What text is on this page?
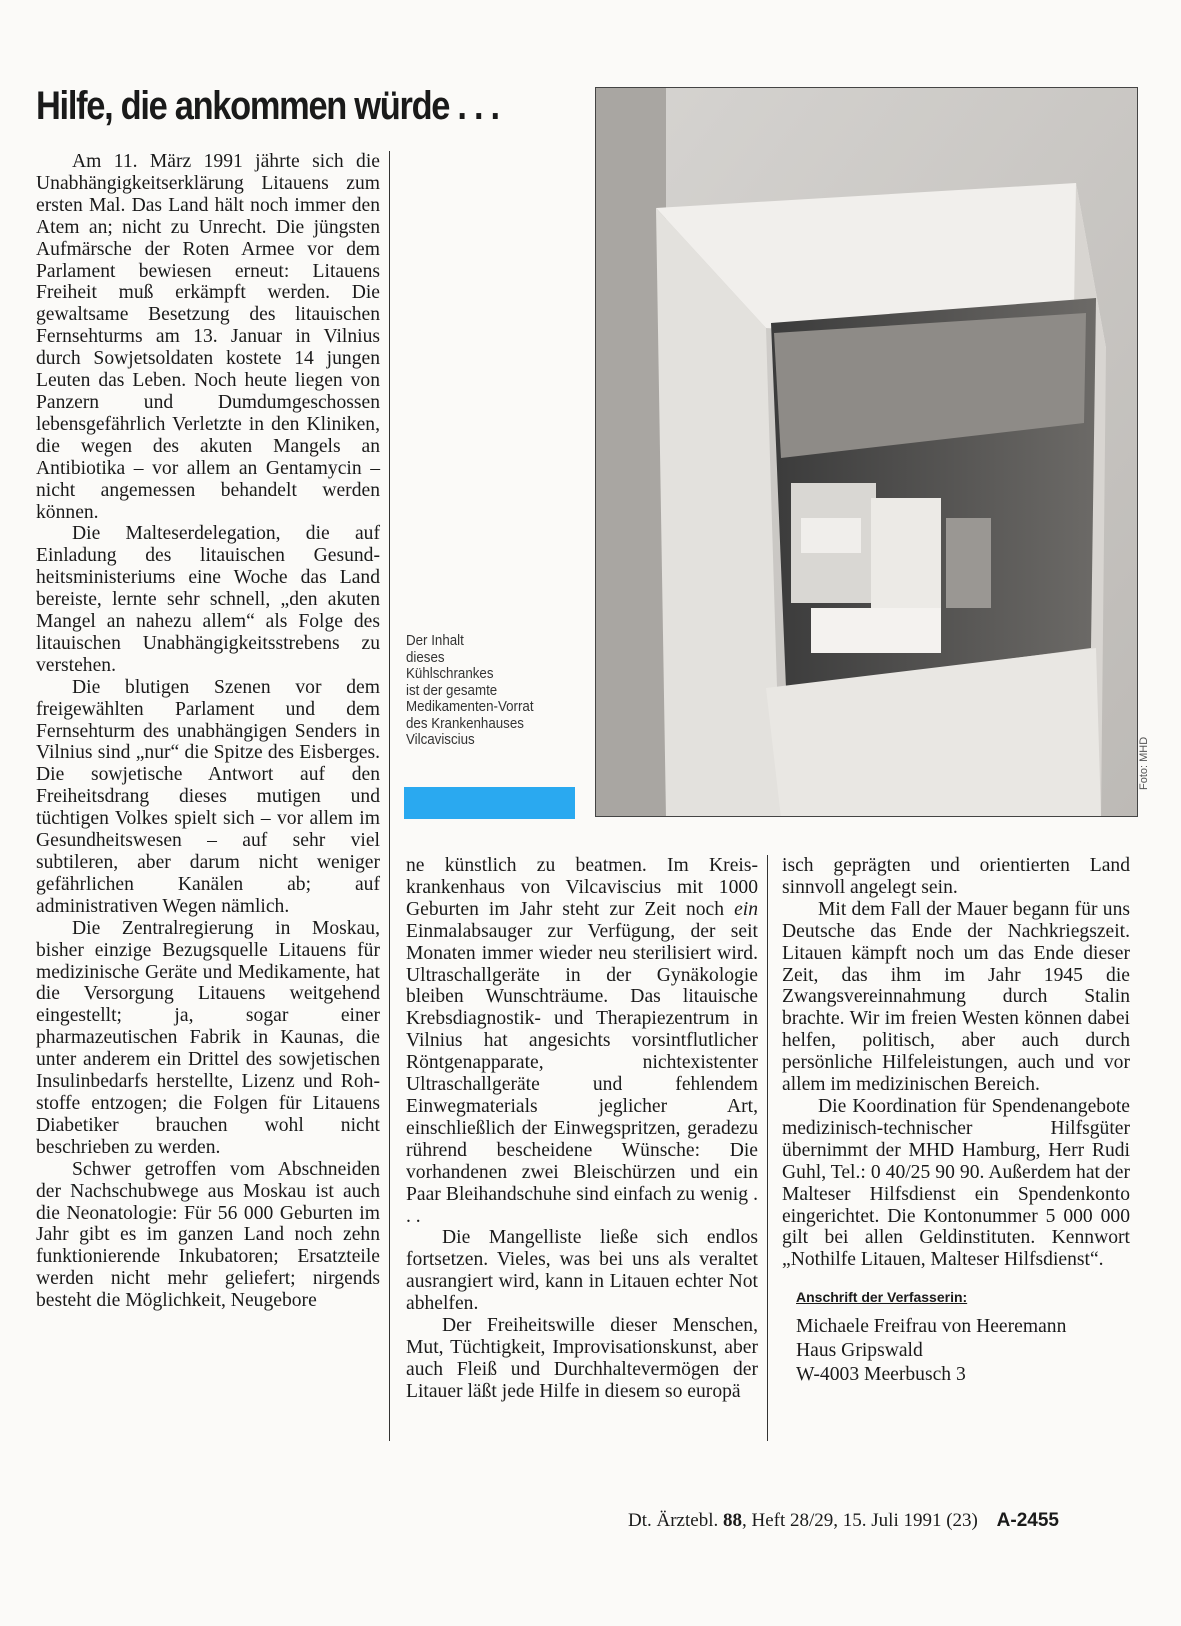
Hilfe, die ankommen würde . . .

Am 11. März 1991 jährte sich die Unabhängigkeitserklärung Litauens zum ersten Mal. Das Land hält noch immer den Atem an; nicht zu Unrecht. Die jüngsten Aufmärsche der Roten Armee vor dem Parlament bewiesen erneut: Litauens Freiheit muß erkämpft werden. Die gewaltsame Besetzung des litauischen Fernsehturms am 13. Januar in Vilnius durch Sowjetsoldaten kostete 14 jungen Leuten das Leben. Noch heute liegen von Panzern und Dumdumgeschossen lebensgefährlich Verletzte in den Kliniken, die wegen des akuten Mangels an Antibiotika – vor allem an Gentamycin – nicht angemessen behandelt werden können.

Die Malteserdelegation, die auf Einladung des litauischen Gesundheitsministeriums eine Woche das Land bereiste, lernte sehr schnell, „den akuten Mangel an nahezu allem“ als Folge des litauischen Unabhängigkeitsstrebens zu verstehen.

Die blutigen Szenen vor dem freigewählten Parlament und dem Fernsehturm des unabhängigen Senders in Vilnius sind „nur“ die Spitze des Eisberges. Die sowjetische Antwort auf den Freiheitsdrang dieses mutigen und tüchtigen Volkes spielt sich – vor allem im Gesundheitswesen – auf sehr viel subtileren, aber darum nicht weniger gefährlichen Kanälen ab; auf administrativen Wegen nämlich.

Die Zentralregierung in Moskau, bisher einzige Bezugsquelle Litauens für medizinische Geräte und Medikamente, hat die Versorgung Litauens weitgehend eingestellt; ja, sogar einer pharmazeutischen Fabrik in Kaunas, die unter anderem ein Drittel des sowjetischen Insulinbedarfs herstellte, Lizenz und Rohstoffe entzogen; die Folgen für Litauens Diabetiker brauchen wohl nicht beschrieben zu werden.

Schwer getroffen vom Abschneiden der Nachschubwege aus Moskau ist auch die Neonatologie: Für 56 000 Geburten im Jahr gibt es im ganzen Land noch zehn funktionierende Inkubatoren; Ersatzteile werden nicht mehr geliefert; nirgends besteht die Möglichkeit, Neugebore

Foto: MHD
Der Inhalt
dieses
Kühlschrankes
ist der gesamte
Medikamenten-Vorrat
des Krankenhauses
Vilcaviscius

ne künstlich zu beatmen. Im Kreiskrankenhaus von Vilcaviscius mit 1000 Geburten im Jahr steht zur Zeit noch ein Einmalabsauger zur Verfügung, der seit Monaten immer wieder neu sterilisiert wird. Ultraschallgeräte in der Gynäkologie bleiben Wunschträume. Das litauische Krebsdiagnostik- und Therapiezentrum in Vilnius hat angesichts vorsintflutlicher Röntgenapparate, nichtexistenter Ultraschallgeräte und fehlendem Einwegmaterials jeglicher Art, einschließlich der Einwegspritzen, geradezu rührend bescheidene Wünsche: Die vorhandenen zwei Bleischürzen und ein Paar Bleihandschuhe sind einfach zu wenig . . .

Die Mangelliste ließe sich endlos fortsetzen. Vieles, was bei uns als veraltet ausrangiert wird, kann in Litauen echter Not abhelfen.

Der Freiheitswille dieser Menschen, Mut, Tüchtigkeit, Improvisationskunst, aber auch Fleiß und Durchhaltevermögen der Litauer läßt jede Hilfe in diesem so europä

isch geprägten und orientierten Land sinnvoll angelegt sein.

Mit dem Fall der Mauer begann für uns Deutsche das Ende der Nachkriegszeit. Litauen kämpft noch um das Ende dieser Zeit, das ihm im Jahr 1945 die Zwangsvereinnahmung durch Stalin brachte. Wir im freien Westen können dabei helfen, politisch, aber auch durch persönliche Hilfeleistungen, auch und vor allem im medizinischen Bereich.

Die Koordination für Spendenangebote medizinisch-technischer Hilfsgüter übernimmt der MHD Hamburg, Herr Rudi Guhl, Tel.: 0 40/25 90 90. Außerdem hat der Malteser Hilfsdienst ein Spendenkonto eingerichtet. Die Kontonummer 5 000 000 gilt bei allen Geldinstituten. Kennwort „Nothilfe Litauen, Malteser Hilfsdienst“.

Anschrift der Verfasserin:
Michaele Freifrau von Heeremann
Haus Gripswald
W-4003 Meerbusch 3
Dt. Ärztebl. 88, Heft 28/29, 15. Juli 1991 (23) A-2455
